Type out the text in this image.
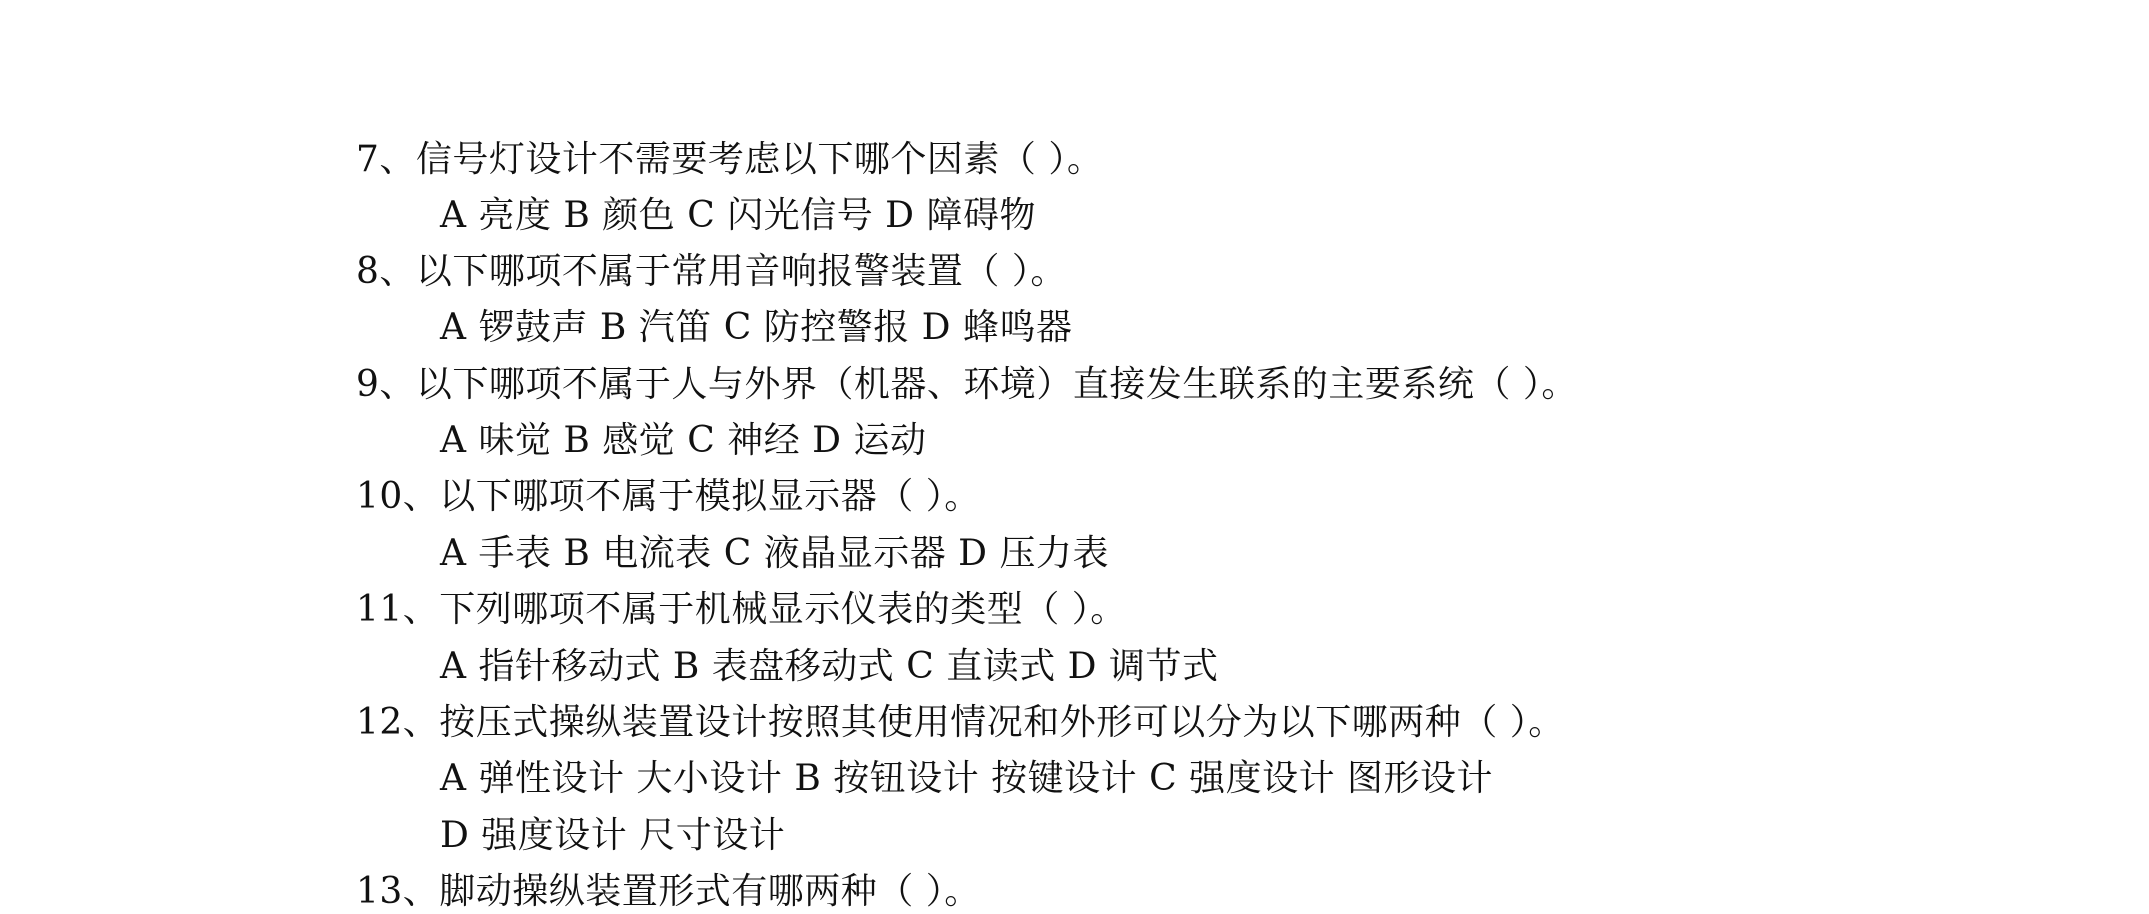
7、信号灯设计不需要考虑以下哪个因素（ ）。
A 亮度 B 颜色 C 闪光信号 D 障碍物
8、以下哪项不属于常用音响报警装置（ ）。
A 锣鼓声 B 汽笛 C 防控警报 D 蜂鸣器
9、以下哪项不属于人与外界（机器、环境）直接发生联系的主要系统（ ）。
A 味觉 B 感觉 C 神经 D 运动
10、以下哪项不属于模拟显示器（ ）。
A 手表 B 电流表 C 液晶显示器 D 压力表
11、下列哪项不属于机械显示仪表的类型（ ）。
A 指针移动式 B 表盘移动式 C 直读式 D 调节式
12、按压式操纵装置设计按照其使用情况和外形可以分为以下哪两种（ ）。
A 弹性设计 大小设计 B 按钮设计 按键设计 C 强度设计 图形设计
D 强度设计 尺寸设计
13、脚动操纵装置形式有哪两种（ ）。
